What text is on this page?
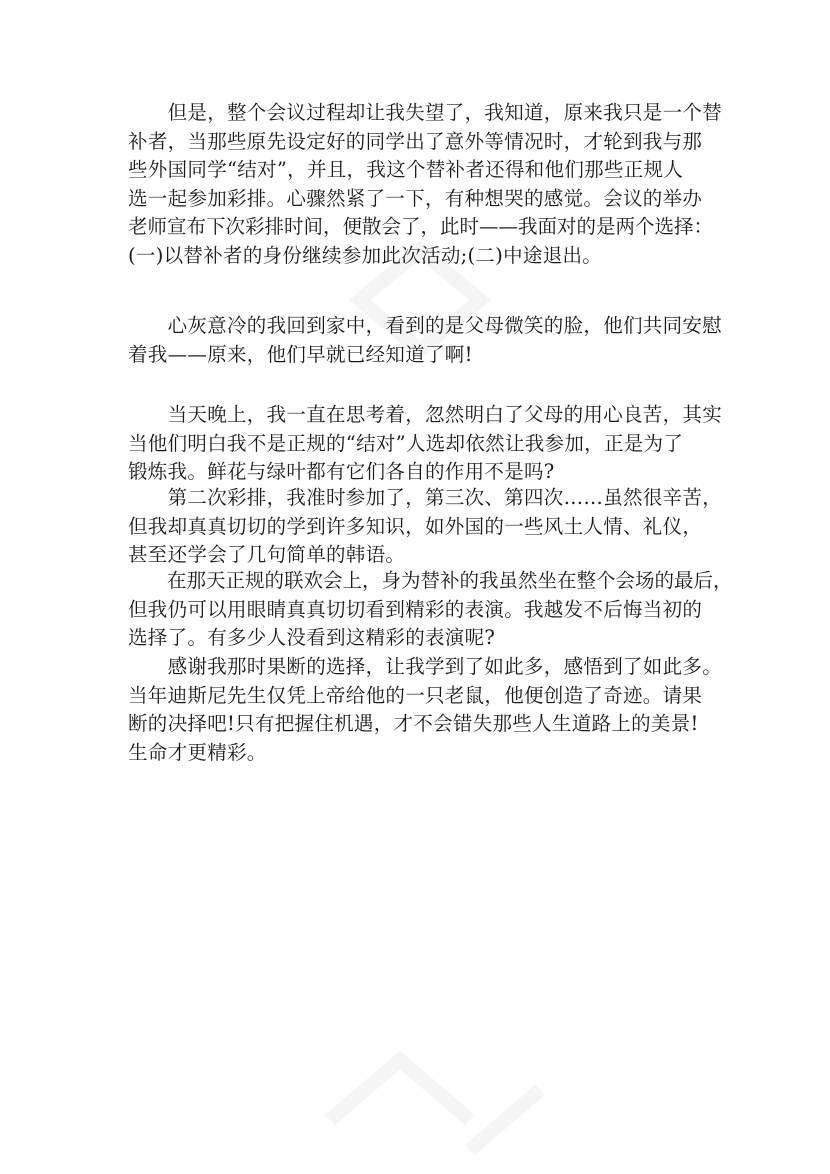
　　但是，整个会议过程却让我失望了，我知道，原来我只是一个替
补者，当那些原先设定好的同学出了意外等情况时，才轮到我与那
些外国同学“结对”，并且，我这个替补者还得和他们那些正规人
选一起参加彩排。心骤然紧了一下，有种想哭的感觉。会议的举办
老师宣布下次彩排时间，便散会了，此时——我面对的是两个选择：
(一)以替补者的身份继续参加此次活动;(二)中途退出。
　　心灰意冷的我回到家中，看到的是父母微笑的脸，他们共同安慰
着我——原来，他们早就已经知道了啊!
　　当天晚上，我一直在思考着，忽然明白了父母的用心良苦，其实
当他们明白我不是正规的“结对”人选却依然让我参加，正是为了
锻炼我。鲜花与绿叶都有它们各自的作用不是吗?
　　第二次彩排，我准时参加了，第三次、第四次……虽然很辛苦，
但我却真真切切的学到许多知识，如外国的一些风土人情、礼仪，
甚至还学会了几句简单的韩语。
　　在那天正规的联欢会上，身为替补的我虽然坐在整个会场的最后，
但我仍可以用眼睛真真切切看到精彩的表演。我越发不后悔当初的
选择了。有多少人没看到这精彩的表演呢?
　　感谢我那时果断的选择，让我学到了如此多，感悟到了如此多。
当年迪斯尼先生仅凭上帝给他的一只老鼠，他便创造了奇迹。请果
断的决择吧!只有把握住机遇，才不会错失那些人生道路上的美景!
生命才更精彩。
